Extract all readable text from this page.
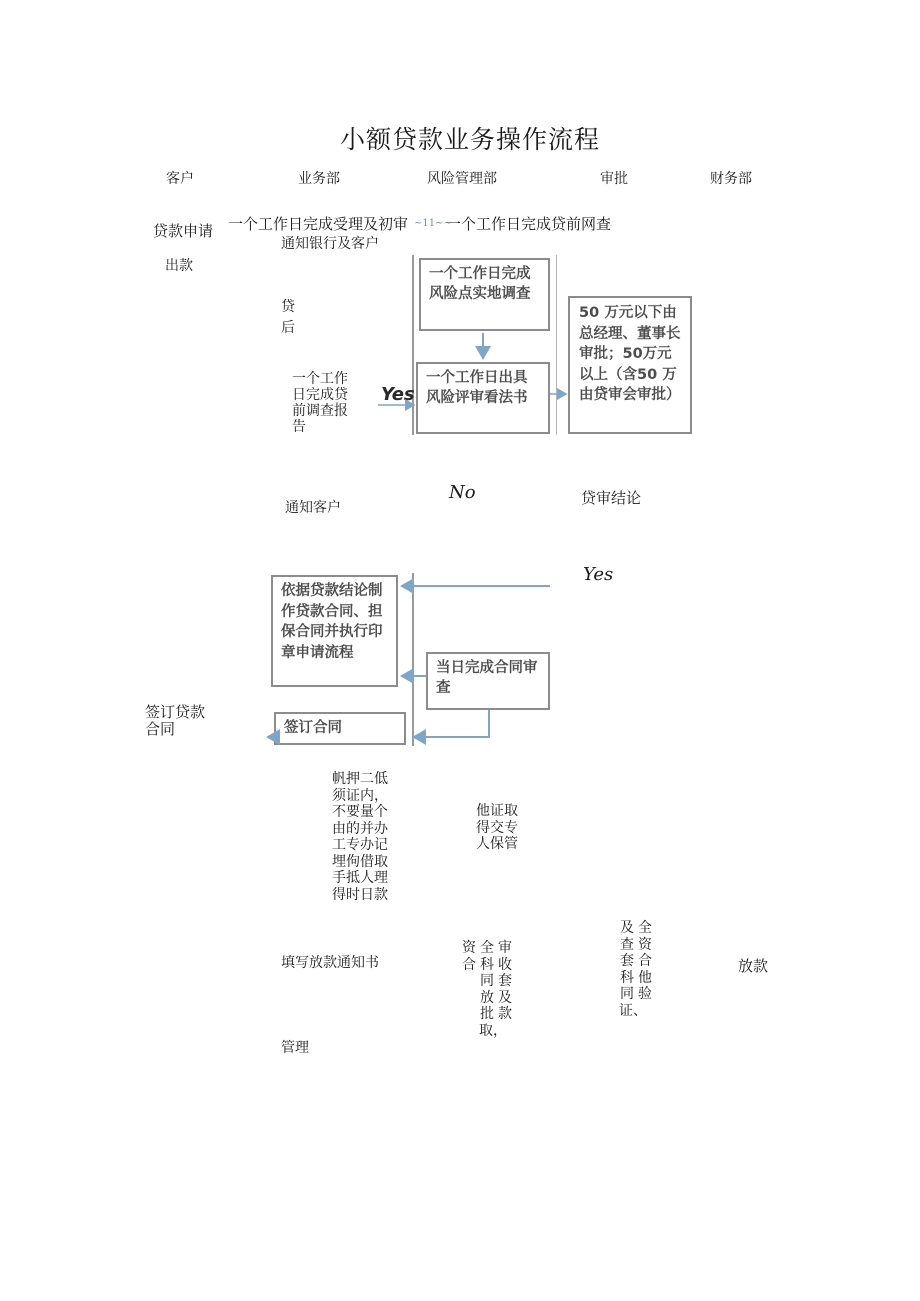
小额贷款业务操作流程
客户	业务部	风险管理部	审批	财务部
贷款申请
出款
签订贷款合同
一个工作日完成受理及初审 ~11~~
一个工作日完成贷前网查
通知银行及客户
贷后
一个工作日完成贷前调查报告
通知客户
一个工作日完成风险点实地调查
一个工作日出具风险评审看法书
Yes
50 万元以下由总经理、董事长审批；50万元以上（含50 万由贷审会审批）
No	贷审结论
Yes
依据贷款结论制作贷款合同、担保合同并执行印章申请流程
当日完成合同审查
签订合同
帆押二低须证内，不要量个由的并办工专办记埋佝借取手抵人理得时日款
他证取得交专人保管
填写放款通知书
管理
资合
全科同放批取，
审收套及款
及查套科同证、
全资合他验
放款
